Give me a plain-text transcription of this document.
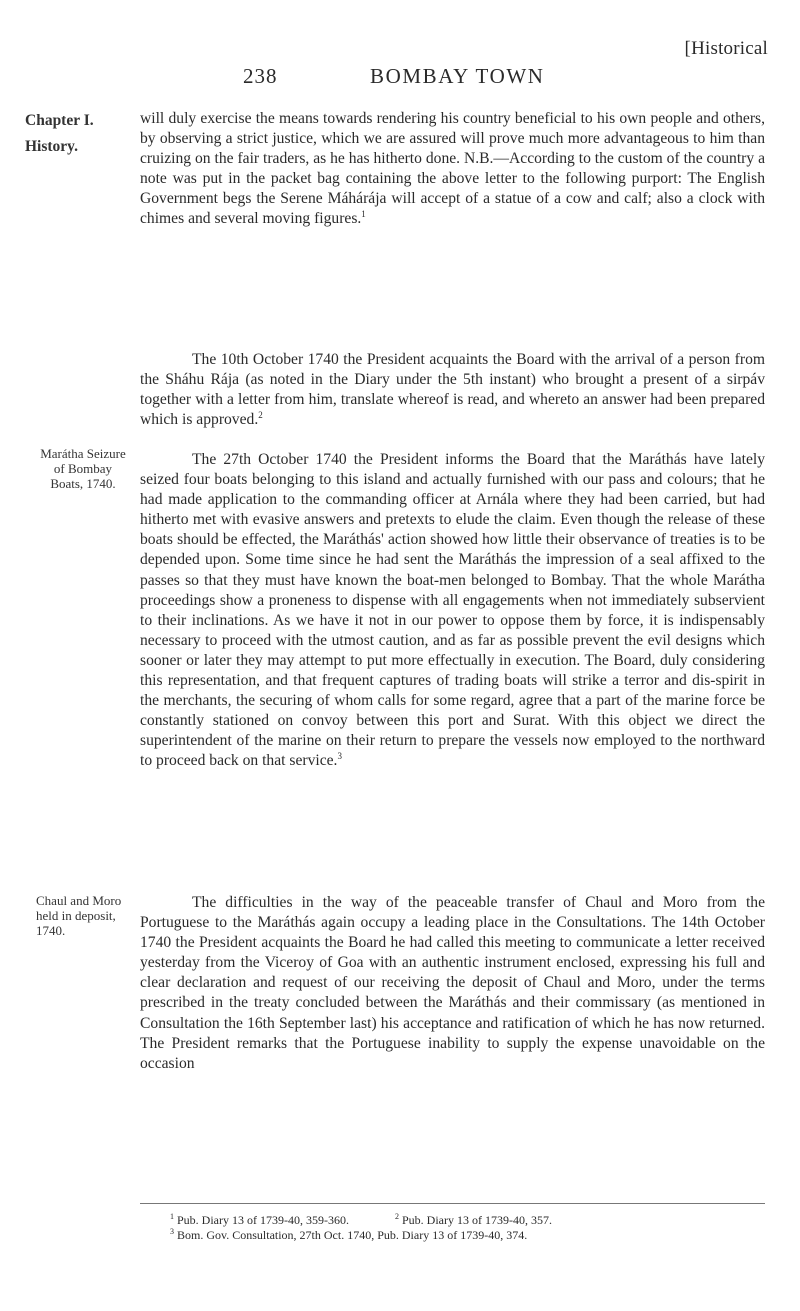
[Historical
238	BOMBAY TOWN
Chapter I.
History.
Marátha Seizure of Bombay Boats, 1740.
Chaul and Moro held in deposit, 1740.

will duly exercise the means towards rendering his country beneficial to his own people and others, by observing a strict justice, which we are assured will prove much more advantageous to him than cruizing on the fair traders, as he has hitherto done. N.B.—According to the custom of the country a note was put in the packet bag containing the above letter to the following purport: The English Government begs the Serene Máhárája will accept of a statue of a cow and calf; also a clock with chimes and several moving figures.$^1$

The 10th October 1740 the President acquaints the Board with the arrival of a person from the Sháhu Rája (as noted in the Diary under the 5th instant) who brought a present of a sirpáv together with a letter from him, translate whereof is read, and whereto an answer had been prepared which is approved.$^2$

The 27th October 1740 the President informs the Board that the Maráthás have lately seized four boats belonging to this island and actually furnished with our pass and colours; that he had made application to the commanding officer at Arnála where they had been carried, but had hitherto met with evasive answers and pretexts to elude the claim. Even though the release of these boats should be effected, the Maráthás' action showed how little their observance of treaties is to be depended upon. Some time since he had sent the Maráthás the impression of a seal affixed to the passes so that they must have known the boat-men belonged to Bombay. That the whole Marátha proceedings show a proneness to dispense with all engagements when not immediately subservient to their inclinations. As we have it not in our power to oppose them by force, it is indispensably necessary to proceed with the utmost caution, and as far as possible prevent the evil designs which sooner or later they may attempt to put more effectually in execution. The Board, duly considering this representation, and that frequent captures of trading boats will strike a terror and dis-spirit in the merchants, the securing of whom calls for some regard, agree that a part of the marine force be constantly stationed on convoy between this port and Surat. With this object we direct the superintendent of the marine on their return to prepare the vessels now employed to the northward to proceed back on that service.$^3$

The difficulties in the way of the peaceable transfer of Chaul and Moro from the Portuguese to the Maráthás again occupy a leading place in the Consultations. The 14th October 1740 the President acquaints the Board he had called this meeting to communicate a letter received yesterday from the Viceroy of Goa with an authentic instrument enclosed, expressing his full and clear declaration and request of our receiving the deposit of Chaul and Moro, under the terms prescribed in the treaty concluded between the Maráthás and their commissary (as mentioned in Consultation the 16th September last) his acceptance and ratification of which he has now returned. The President remarks that the Portuguese inability to supply the expense unavoidable on the occasion

$^1$ Pub. Diary 13 of 1739-40, 359-360.	$^2$ Pub. Diary 13 of 1739-40, 357.
$^3$ Bom. Gov. Consultation, 27th Oct. 1740, Pub. Diary 13 of 1739-40, 374.
